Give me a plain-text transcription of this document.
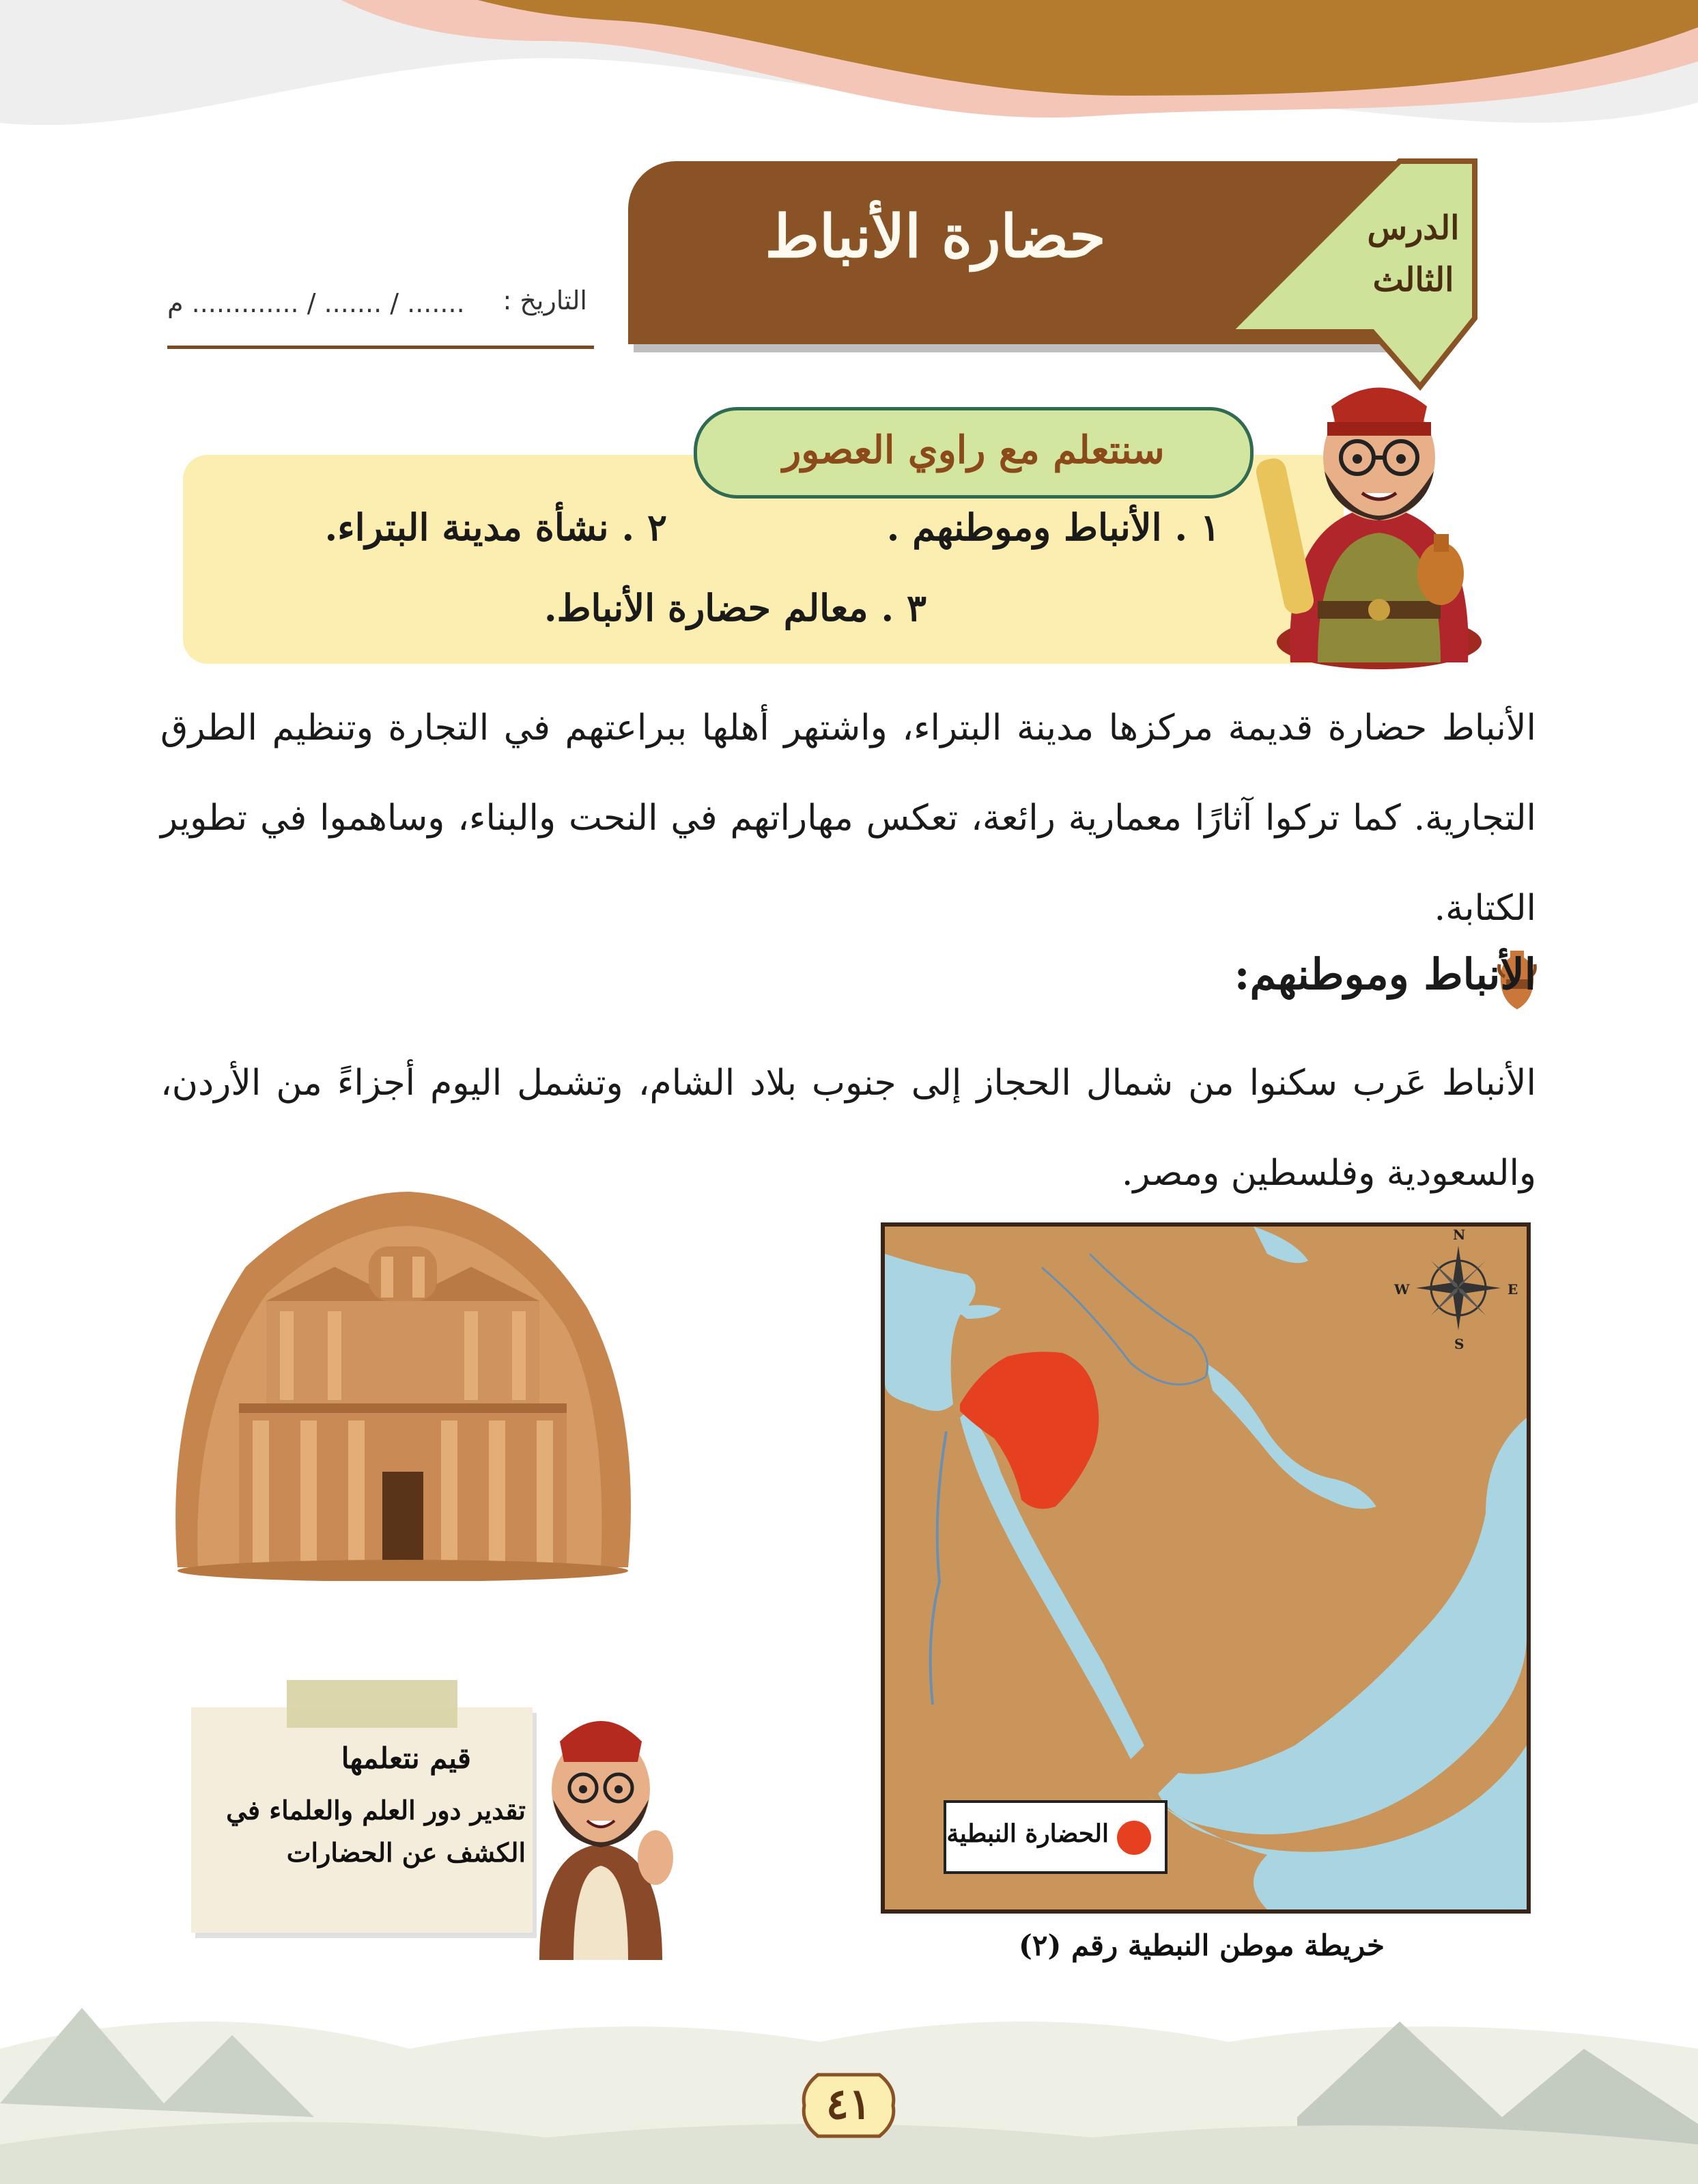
حضارة الأنباط	الدرس
الثالث
التاريخ :
م ............. / ....... / .......
سنتعلم مع راوي العصور
١ . الأنباط وموطنهم .
٢ . نشأة مدينة البتراء.
٣ . معالم حضارة الأنباط.
الأنباط حضارة قديمة مركزها مدينة البتراء، واشتهر أهلها ببراعتهم في التجارة وتنظيم الطرق التجارية. كما تركوا آثارًا معمارية رائعة، تعكس مهاراتهم في النحت والبناء، وساهموا في تطوير الكتابة.
الأنباط وموطنهم:
الأنباط عَرب سكنوا من شمال الحجاز إلى جنوب بلاد الشام، وتشمل اليوم أجزاءً من الأردن، والسعودية وفلسطين ومصر.
N
S
E
W
الحضارة النبطية
خريطة موطن النبطية رقم (٢)
قيم نتعلمها
تقدير دور العلم والعلماء في الكشف عن الحضارات
٤١
